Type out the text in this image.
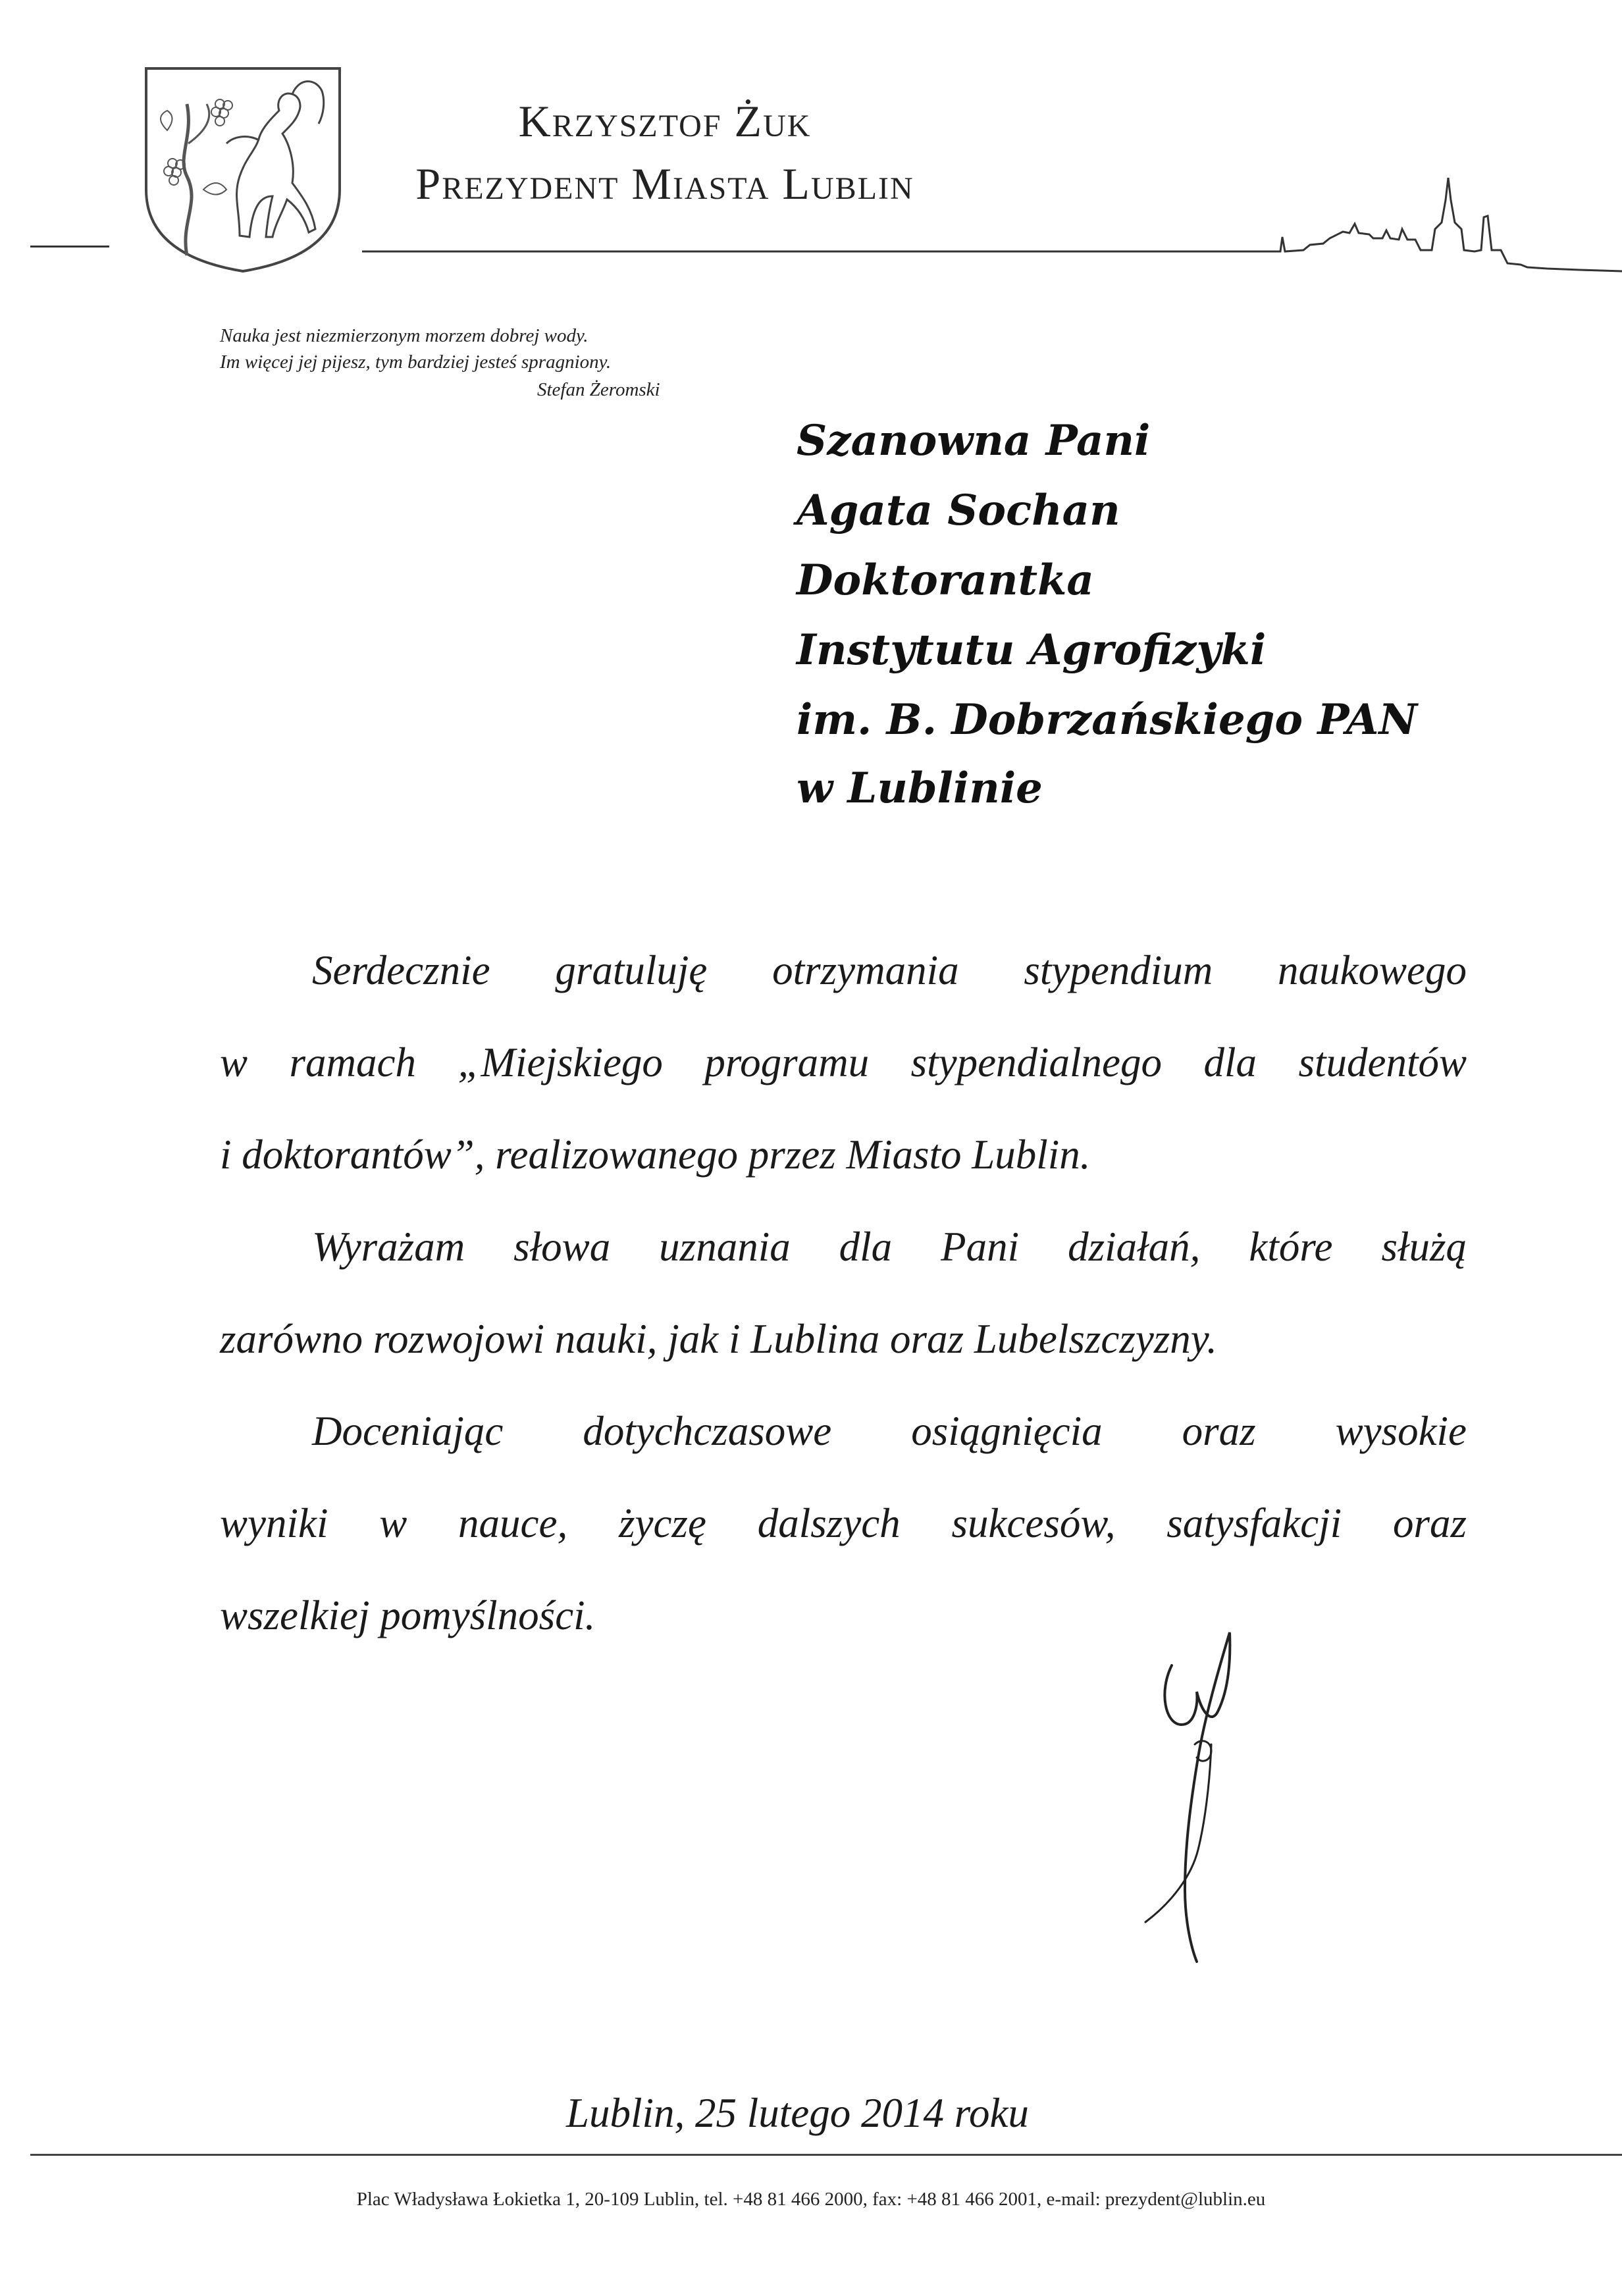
Krzysztof Żuk
Prezydent Miasta Lublin
Nauka jest niezmierzonym morzem dobrej wody.
Im więcej jej pijesz, tym bardziej jesteś spragniony.
Stefan Żeromski
Szanowna Pani
Agata Sochan
Doktorantka
Instytutu Agrofizyki
im. B. Dobrzańskiego PAN
w Lublinie
Serdecznie gratuluję otrzymania stypendium naukowego
w ramach „Miejskiego programu stypendialnego dla studentów
i doktorantów”, realizowanego przez Miasto Lublin.
Wyrażam słowa uznania dla Pani działań, które służą
zarówno rozwojowi nauki, jak i Lublina oraz Lubelszczyzny.
Doceniając dotychczasowe osiągnięcia oraz wysokie
wyniki w nauce, życzę dalszych sukcesów, satysfakcji oraz
wszelkiej pomyślności.
Lublin, 25 lutego 2014 roku
Plac Władysława Łokietka 1, 20-109 Lublin, tel. +48 81 466 2000, fax: +48 81 466 2001, e-mail: prezydent@lublin.eu
